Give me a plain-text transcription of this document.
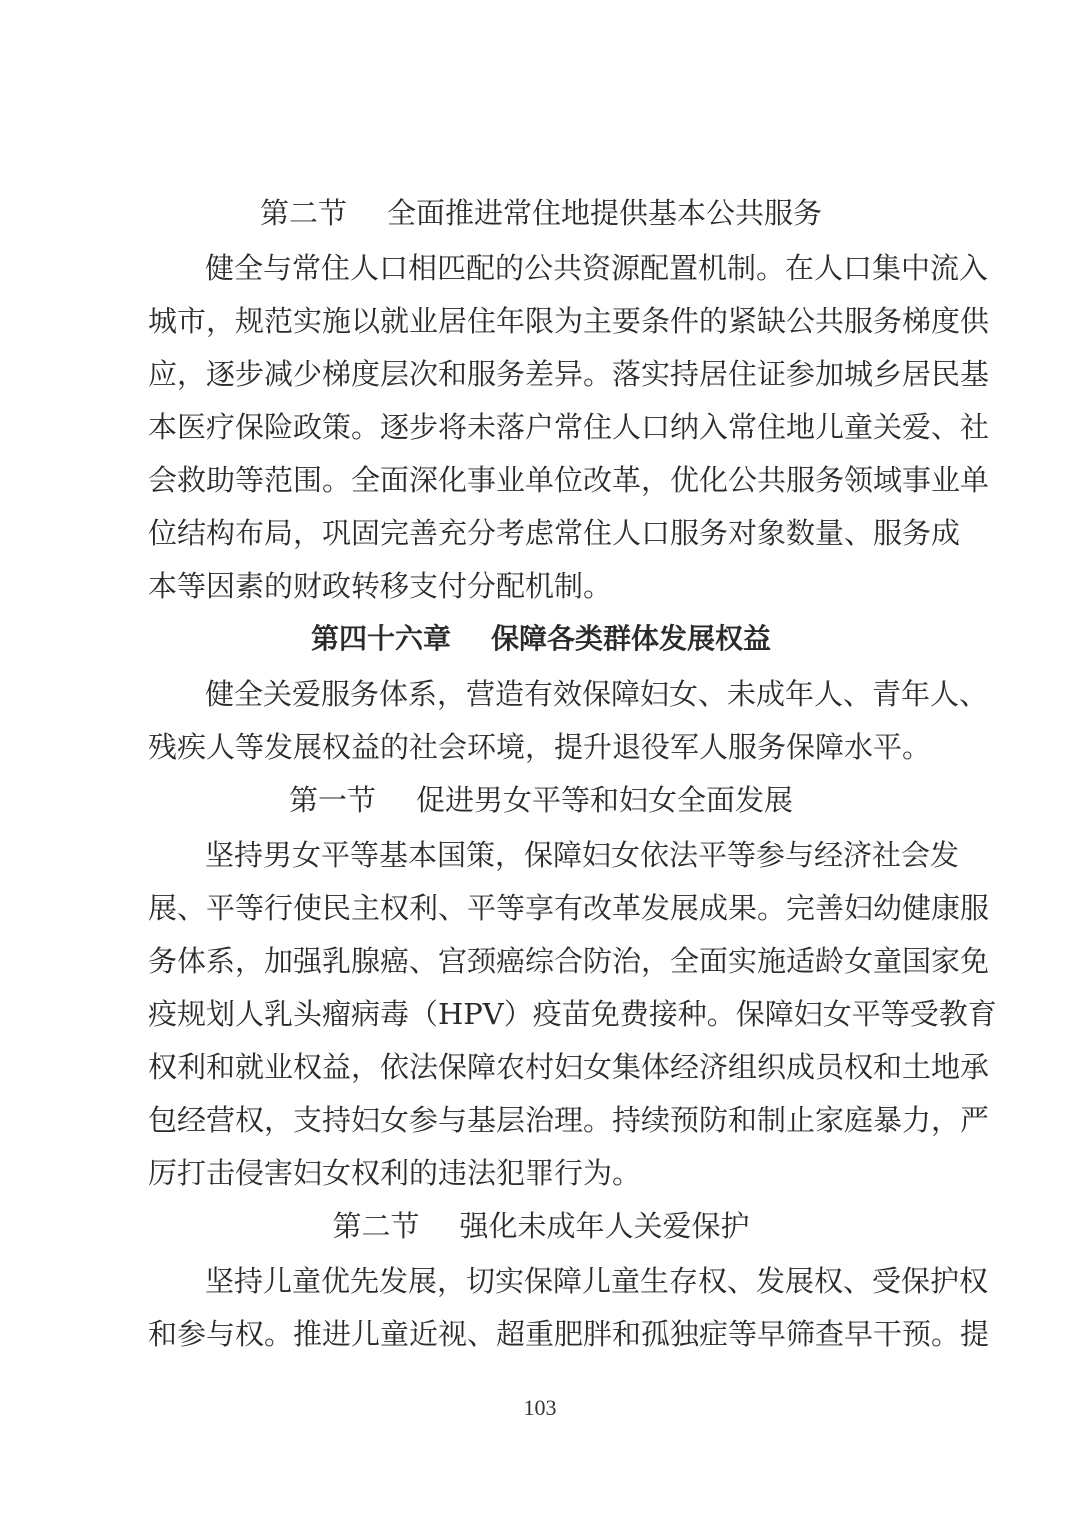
第二节 全面推进常住地提供基本公共服务
健全与常住人口相匹配的公共资源配置机制。在人口集中流入
城市，规范实施以就业居住年限为主要条件的紧缺公共服务梯度供
应，逐步减少梯度层次和服务差异。落实持居住证参加城乡居民基
本医疗保险政策。逐步将未落户常住人口纳入常住地儿童关爱、社
会救助等范围。全面深化事业单位改革，优化公共服务领域事业单
位结构布局，巩固完善充分考虑常住人口服务对象数量、服务成
本等因素的财政转移支付分配机制。
第四十六章 保障各类群体发展权益
健全关爱服务体系，营造有效保障妇女、未成年人、青年人、
残疾人等发展权益的社会环境，提升退役军人服务保障水平。
第一节 促进男女平等和妇女全面发展
坚持男女平等基本国策，保障妇女依法平等参与经济社会发
展、平等行使民主权利、平等享有改革发展成果。完善妇幼健康服
务体系，加强乳腺癌、宫颈癌综合防治，全面实施适龄女童国家免
疫规划人乳头瘤病毒（HPV）疫苗免费接种。保障妇女平等受教育
权利和就业权益，依法保障农村妇女集体经济组织成员权和土地承
包经营权，支持妇女参与基层治理。持续预防和制止家庭暴力，严
厉打击侵害妇女权利的违法犯罪行为。
第二节 强化未成年人关爱保护
坚持儿童优先发展，切实保障儿童生存权、发展权、受保护权
和参与权。推进儿童近视、超重肥胖和孤独症等早筛查早干预。提
103
